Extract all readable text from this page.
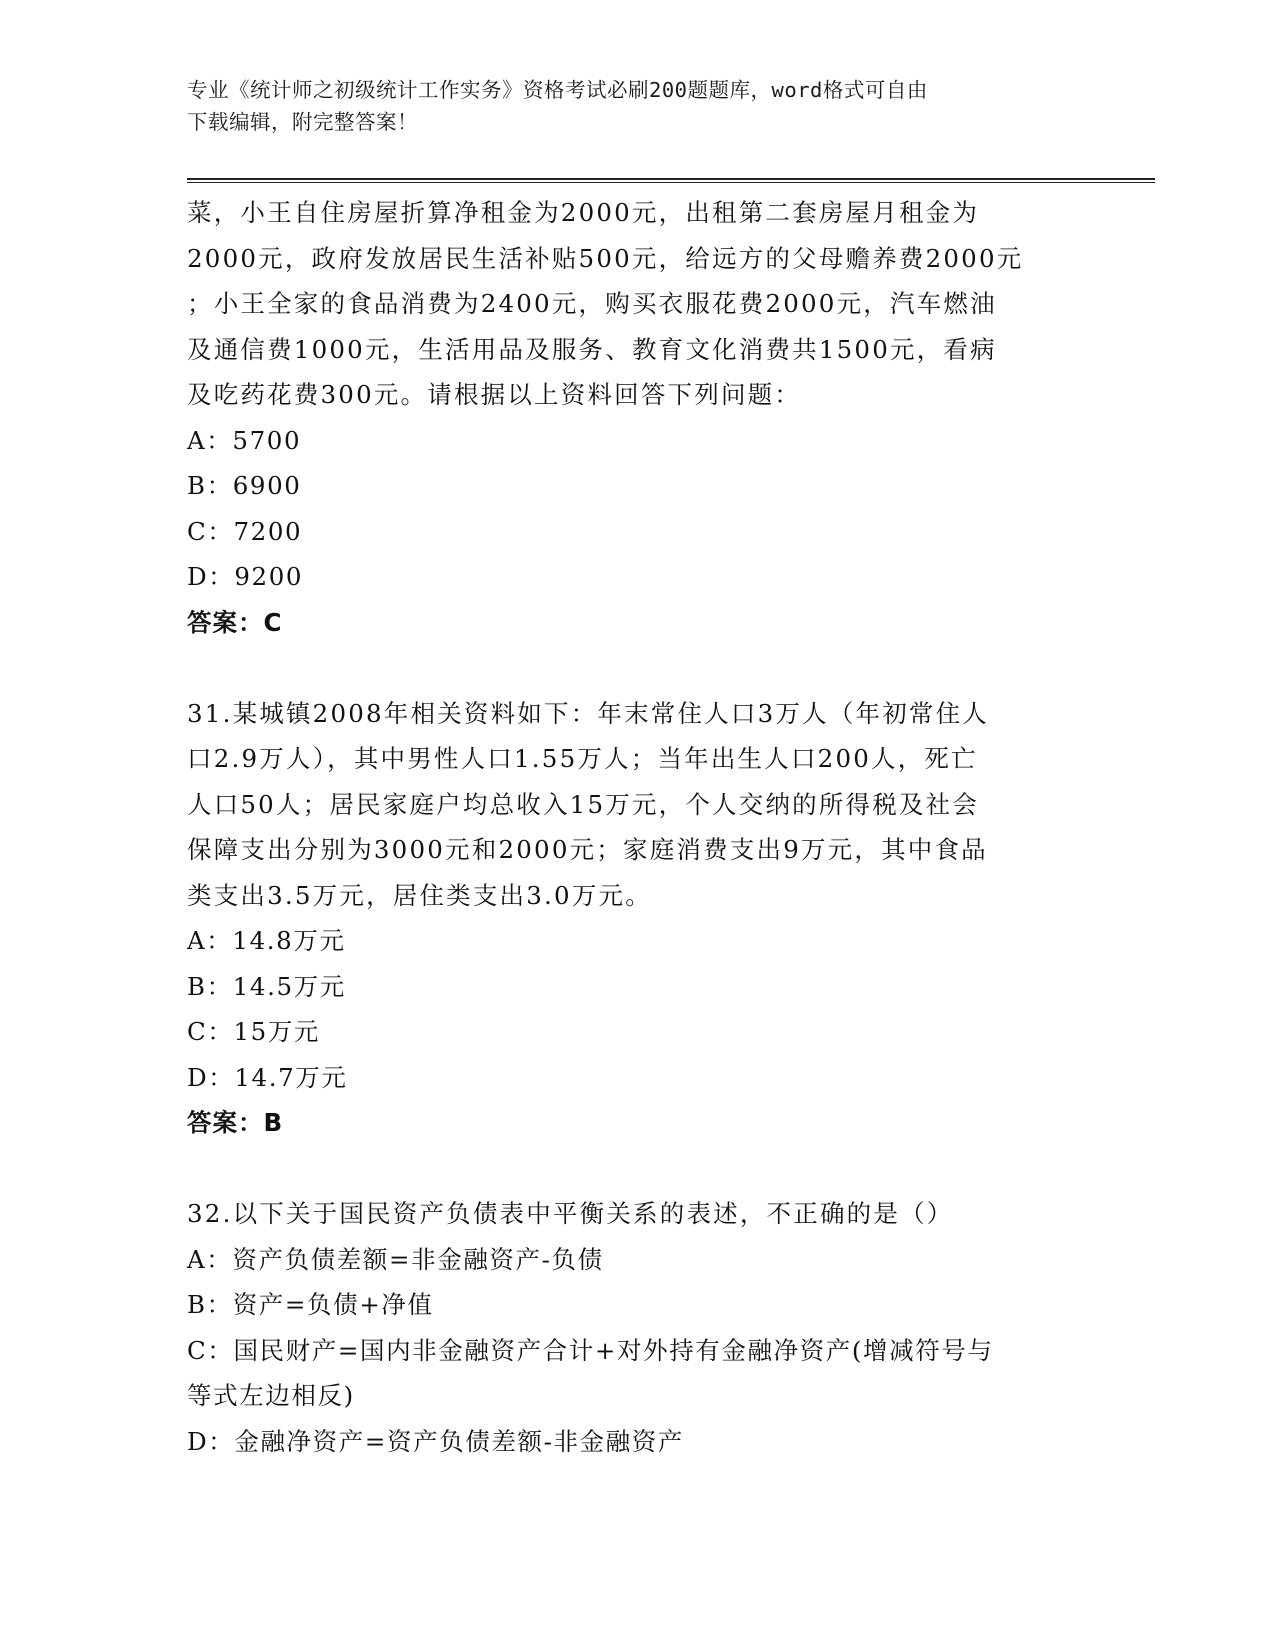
专业《统计师之初级统计工作实务》资格考试必刷200题题库，word格式可自由
下载编辑，附完整答案！

菜，小王自住房屋折算净租金为2000元，出租第二套房屋月租金为

2000元，政府发放居民生活补贴500元，给远方的父母赡养费2000元

；小王全家的食品消费为2400元，购买衣服花费2000元，汽车燃油

及通信费1000元，生活用品及服务、教育文化消费共1500元，看病

及吃药花费300元。请根据以上资料回答下列问题：

A：5700

B：6900

C：7200

D：9200

答案：C

31.某城镇2008年相关资料如下：年末常住人口3万人（年初常住人

口2.9万人），其中男性人口1.55万人；当年出生人口200人，死亡

人口50人；居民家庭户均总收入15万元，个人交纳的所得税及社会

保障支出分别为3000元和2000元；家庭消费支出9万元，其中食品

类支出3.5万元，居住类支出3.0万元。

A：14.8万元

B：14.5万元

C：15万元

D：14.7万元

答案：B

32.以下关于国民资产负债表中平衡关系的表述，不正确的是（）

A：资产负债差额=非金融资产-负债

B：资产=负债+净值

C：国民财产=国内非金融资产合计+对外持有金融净资产(增减符号与

等式左边相反)

D：金融净资产=资产负债差额-非金融资产
